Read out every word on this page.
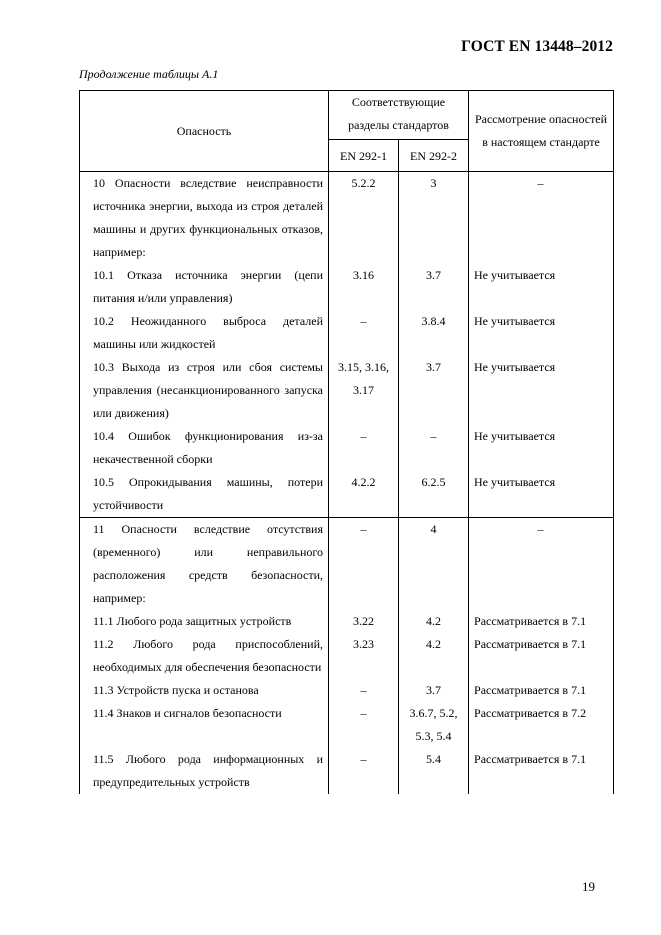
ГОСТ EN 13448–2012
Продолжение таблицы А.1
Опасность	Соответствующие разделы стандартов		Рассмотрение опасностей в настоящем стандарте
	EN 292-1	EN 292-2	
10 Опасности вследствие неисправности источника энергии, выхода из строя деталей машины и других функциональных отказов, например:	5.2.2	3	–
10.1 Отказа источника энергии (цепи питания и/или управления)	3.16	3.7	Не учитывается
10.2 Неожиданного выброса деталей машины или жидкостей	–	3.8.4	Не учитывается
10.3 Выхода из строя или сбоя системы управления (несанкционированного запуска или движения)	3.15, 3.16, 3.17	3.7	Не учитывается
10.4 Ошибок функционирования из-за некачественной сборки	–	–	Не учитывается
10.5 Опрокидывания машины, потери устойчивости	4.2.2	6.2.5	Не учитывается
11 Опасности вследствие отсутствия (временного) или неправильного расположения средств безопасности, например:	–	4	–
11.1 Любого рода защитных устройств	3.22	4.2	Рассматривается в 7.1
11.2 Любого рода приспособлений, необходимых для обеспечения безопасности	3.23	4.2	Рассматривается в 7.1
11.3 Устройств пуска и останова	–	3.7	Рассматривается в 7.1
11.4 Знаков и сигналов безопасности	–	3.6.7, 5.2, 5.3, 5.4	Рассматривается в 7.2
11.5 Любого рода информационных и предупредительных устройств	–	5.4	Рассматривается в 7.1
19
